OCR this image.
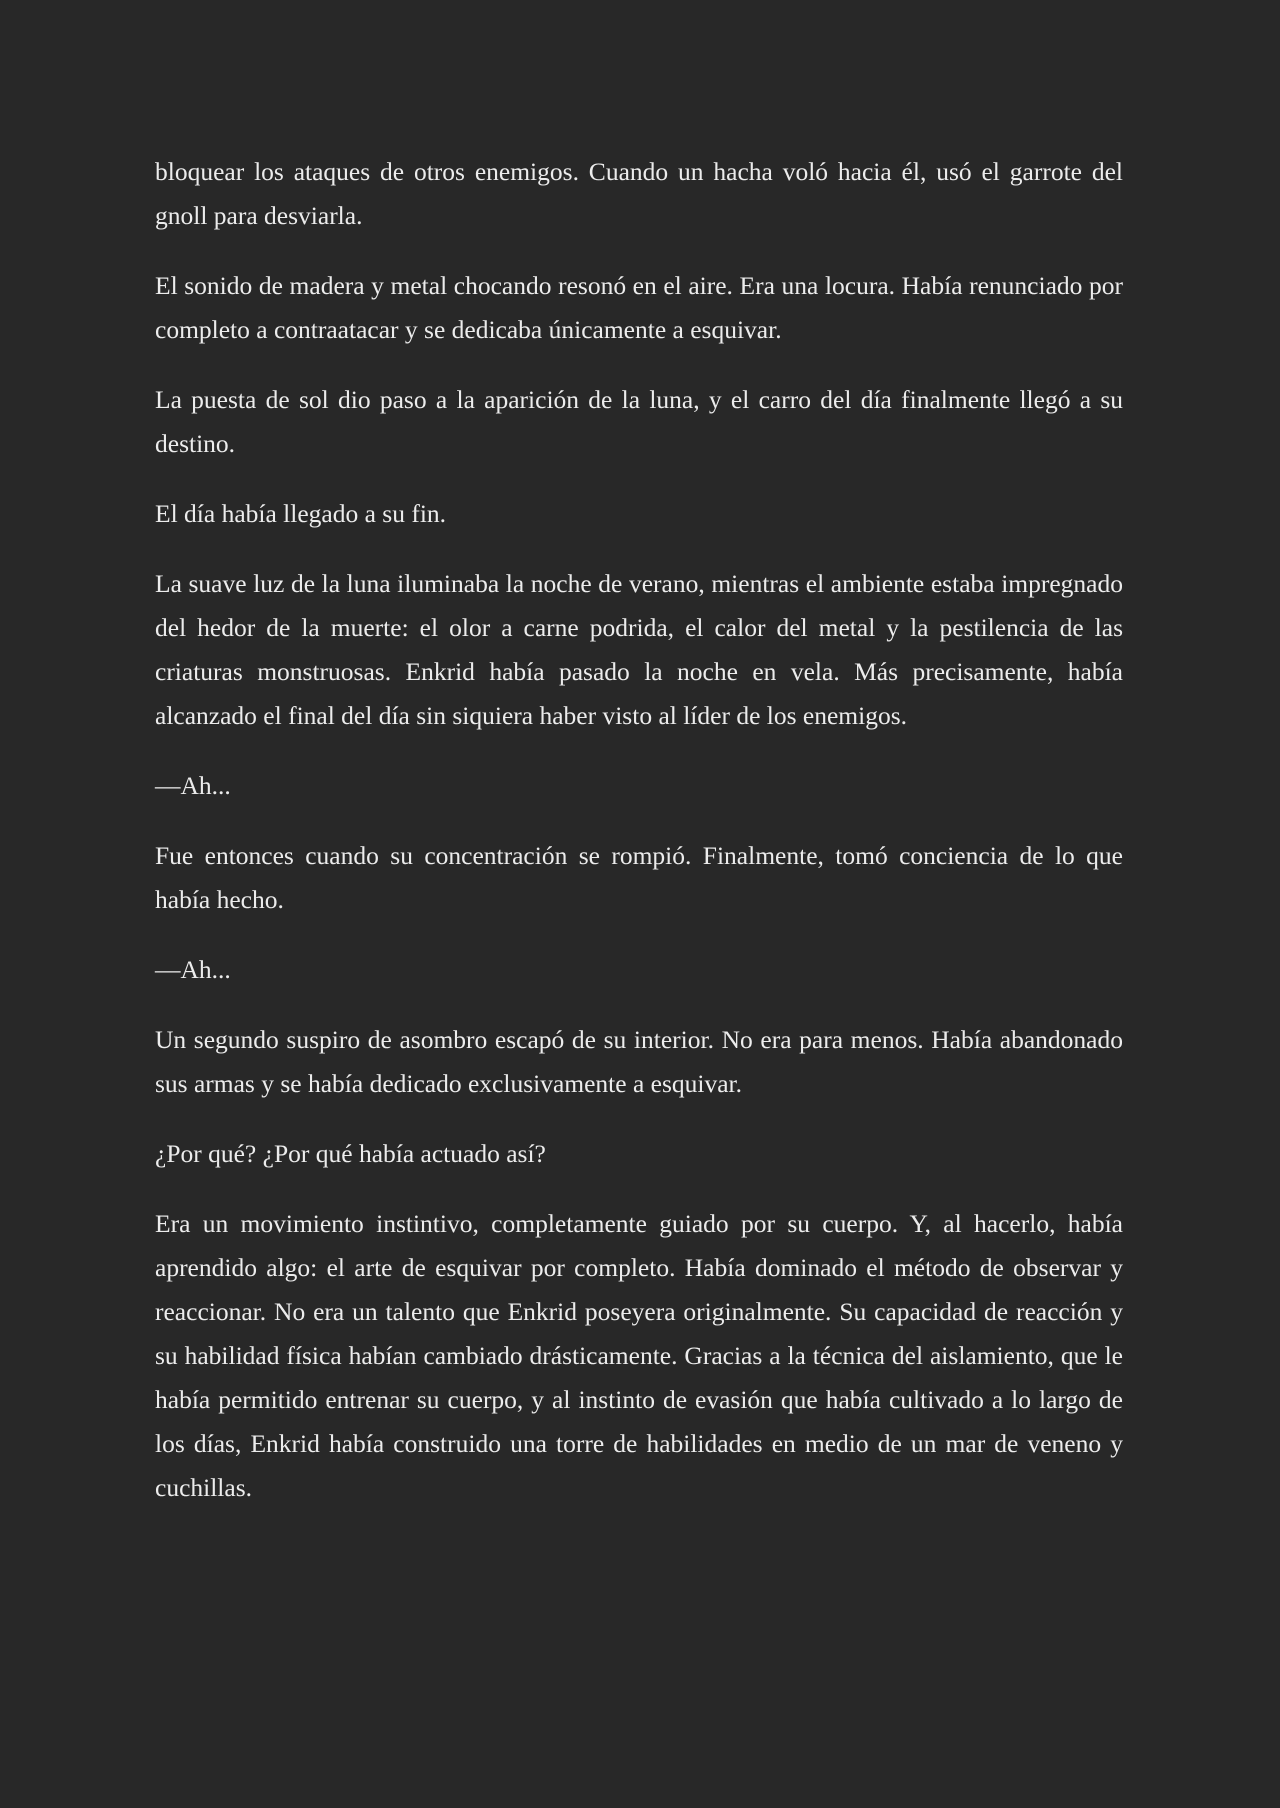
bloquear los ataques de otros enemigos. Cuando un hacha voló hacia él, usó el garrote del gnoll para desviarla.

El sonido de madera y metal chocando resonó en el aire. Era una locura. Había renunciado por completo a contraatacar y se dedicaba únicamente a esquivar.

La puesta de sol dio paso a la aparición de la luna, y el carro del día finalmente llegó a su destino.

El día había llegado a su fin.

La suave luz de la luna iluminaba la noche de verano, mientras el ambiente estaba impregnado del hedor de la muerte: el olor a carne podrida, el calor del metal y la pestilencia de las criaturas monstruosas. Enkrid había pasado la noche en vela. Más precisamente, había alcanzado el final del día sin siquiera haber visto al líder de los enemigos.

—Ah...

Fue entonces cuando su concentración se rompió. Finalmente, tomó conciencia de lo que había hecho.

—Ah...

Un segundo suspiro de asombro escapó de su interior. No era para menos. Había abandonado sus armas y se había dedicado exclusivamente a esquivar.

¿Por qué? ¿Por qué había actuado así?

Era un movimiento instintivo, completamente guiado por su cuerpo. Y, al hacerlo, había aprendido algo: el arte de esquivar por completo. Había dominado el método de observar y reaccionar. No era un talento que Enkrid poseyera originalmente. Su capacidad de reacción y su habilidad física habían cambiado drásticamente. Gracias a la técnica del aislamiento, que le había permitido entrenar su cuerpo, y al instinto de evasión que había cultivado a lo largo de los días, Enkrid había construido una torre de habilidades en medio de un mar de veneno y cuchillas.
